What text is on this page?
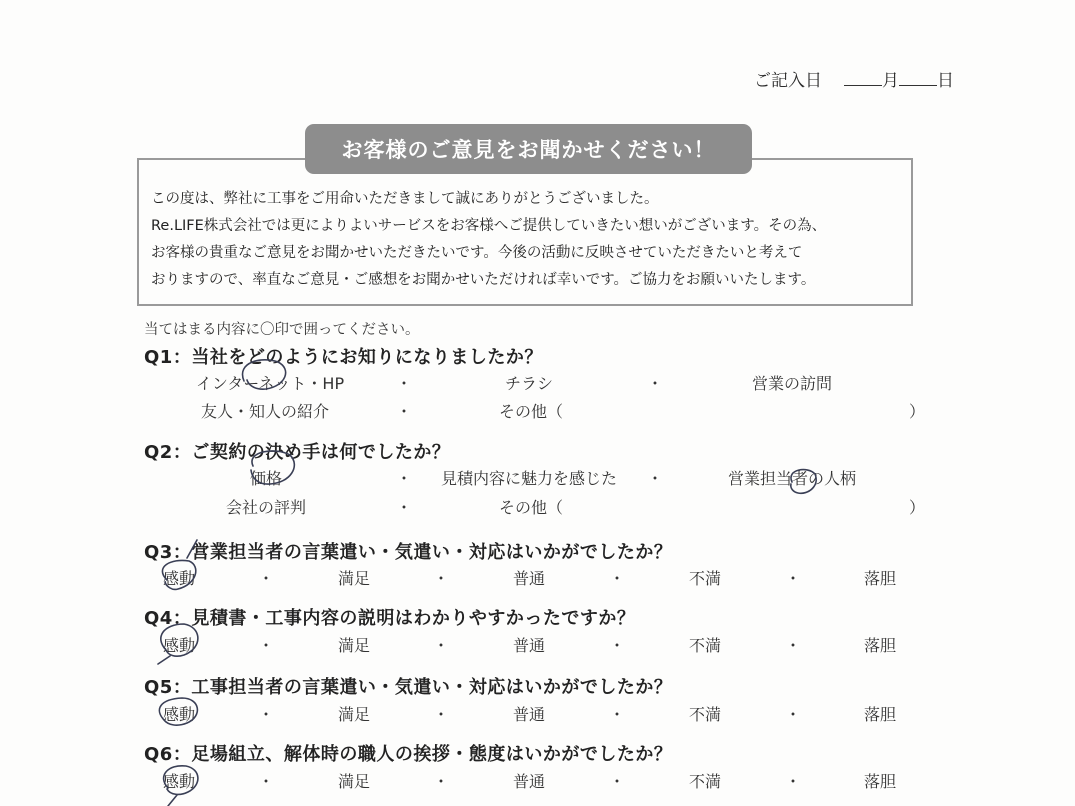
ご記入日	月 日
お客様のご意見をお聞かせください！
この度は、弊社に工事をご用命いただきまして誠にありがとうございました。
Re.LIFE株式会社では更によりよいサービスをお客様へご提供していきたい想いがございます。その為、
お客様の貴重なご意見をお聞かせいただきたいです。今後の活動に反映させていただきたいと考えて
おりますので、率直なご意見・ご感想をお聞かせいただければ幸いです。ご協力をお願いいたします。
当てはまる内容に〇印で囲ってください。
Q1：当社をどのようにお知りになりましたか？
インターネット・HP	・	チラシ	・	営業の訪問
友人・知人の紹介	・	その他（	）
Q2：ご契約の決め手は何でしたか？
価格	・ 見積内容に魅力を感じた ・	営業担当者の人柄
会社の評判	・	その他（	）
Q3：営業担当者の言葉遣い・気遣い・対応はいかがでしたか？
感動	・	満足	・	普通	・	不満	・	落胆
Q4：見積書・工事内容の説明はわかりやすかったですか？
感動	・	満足	・	普通	・	不満	・	落胆
Q5：工事担当者の言葉遣い・気遣い・対応はいかがでしたか？
感動	・	満足	・	普通	・	不満	・	落胆
Q6：足場組立、解体時の職人の挨拶・態度はいかがでしたか？
感動	・	満足	・	普通	・	不満	・	落胆
